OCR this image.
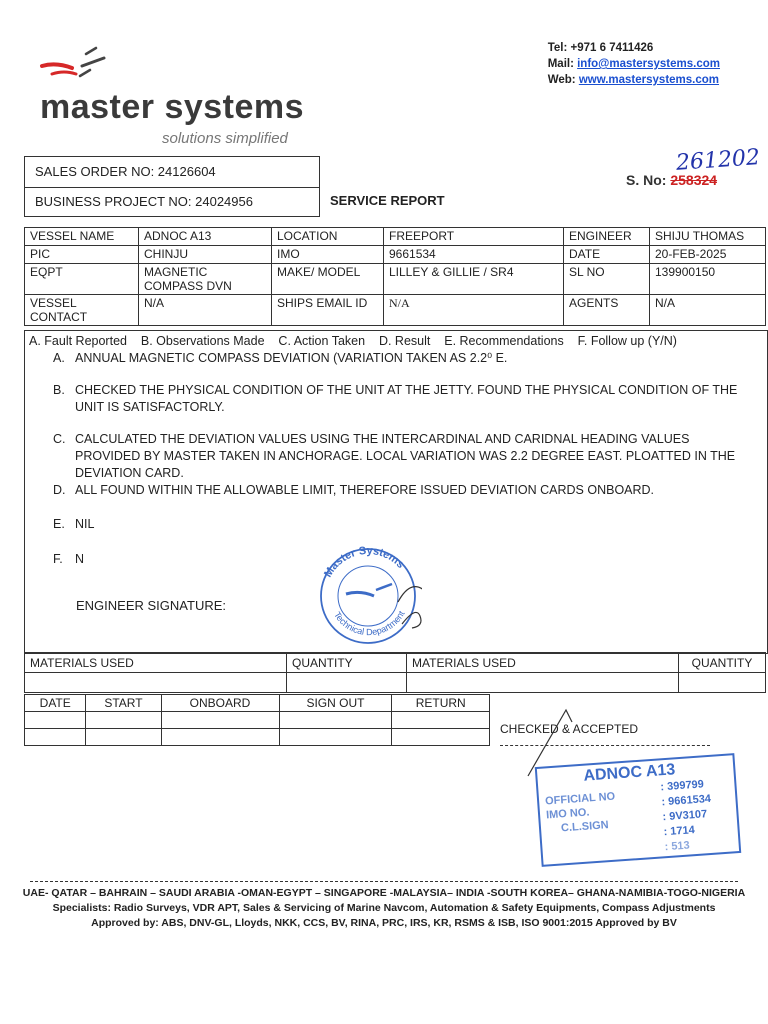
Tel: +971 6 7411426
Mail: info@mastersystems.com
Web: www.mastersystems.com
master systems
solutions simplified
SALES ORDER NO: 24126604
BUSINESS PROJECT NO: 24024956	SERVICE REPORT
261202
S. No: 258324
VESSEL NAME	ADNOC A13	LOCATION	FREEPORT	ENGINEER	SHIJU THOMAS
PIC	CHINJU	IMO	9661534	DATE	20-FEB-2025
EQPT	MAGNETIC COMPASS DVN	MAKE/ MODEL	LILLEY & GILLIE / SR4	SL NO	139900150
VESSEL CONTACT	N/A	SHIPS EMAIL ID	N/A	AGENTS	N/A
A. Fault Reported    B. Observations Made    C. Action Taken    D. Result    E. Recommendations    F. Follow up (Y/N)
A. ANNUAL MAGNETIC COMPASS DEVIATION (VARIATION TAKEN AS 2.2⁰ E.
B. CHECKED THE PHYSICAL CONDITION OF THE UNIT AT THE JETTY. FOUND THE PHYSICAL CONDITION OF THE UNIT IS SATISFACTORLY.
C. CALCULATED THE DEVIATION VALUES USING THE INTERCARDINAL AND CARIDNAL HEADING VALUES PROVIDED BY MASTER TAKEN IN ANCHORAGE. LOCAL VARIATION WAS 2.2 DEGREE EAST. PLOATTED IN THE DEVIATION CARD.
D. ALL FOUND WITHIN THE ALLOWABLE LIMIT, THEREFORE ISSUED DEVIATION CARDS ONBOARD.
E. NIL
F. N
ENGINEER SIGNATURE:
Master Systems
Technical Department
MATERIALS USED	QUANTITY	MATERIALS USED	QUANTITY

DATE	START	ONBOARD	SIGN OUT	RETURN

CHECKED & ACCEPTED
ADNOC A13
OFFICIAL NO
IMO NO.
C.L.SIGN
: 399799
: 9661534
: 9V3107
: 1714
: 513
UAE- QATAR – BAHRAIN – SAUDI ARABIA -OMAN-EGYPT – SINGAPORE -MALAYSIA– INDIA -SOUTH KOREA– GHANA-NAMIBIA-TOGO-NIGERIA
Specialists: Radio Surveys, VDR APT, Sales & Servicing of Marine Navcom, Automation & Safety Equipments, Compass Adjustments
Approved by: ABS, DNV-GL, Lloyds, NKK, CCS, BV, RINA, PRC, IRS, KR, RSMS & ISB, ISO 9001:2015 Approved by BV
